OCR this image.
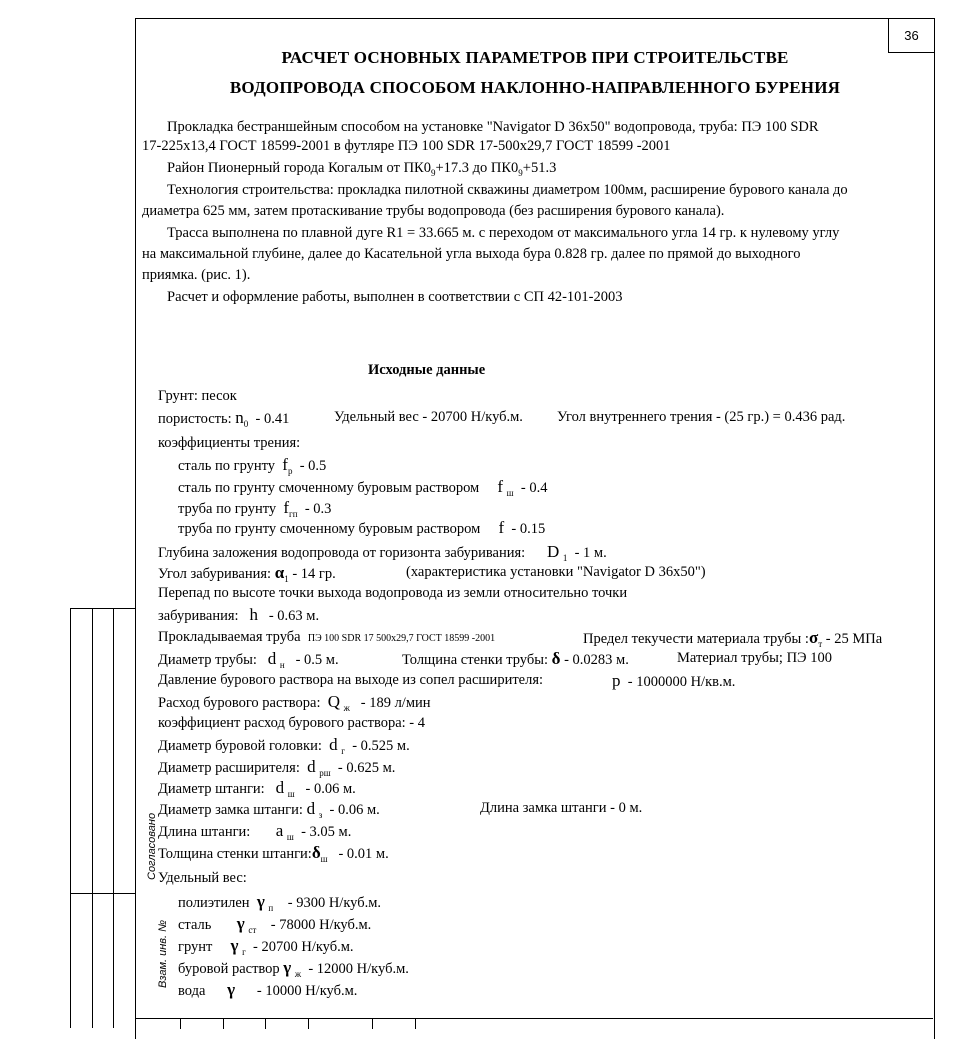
36
Согласовано
Взам. инв. №
РАСЧЕТ ОСНОВНЫХ ПАРАМЕТРОВ ПРИ СТРОИТЕЛЬСТВЕ
ВОДОПРОВОДА СПОСОБОМ НАКЛОННО-НАПРАВЛЕННОГО БУРЕНИЯ
Прокладка бестраншейным способом на установке "Navigator D 36х50" водопровода, труба: ПЭ 100 SDR
17-225х13,4 ГОСТ 18599-2001 в футляре ПЭ 100 SDR 17-500х29,7 ГОСТ 18599 -2001
Район Пионерный города Когалым от $ПК0_9+17.3$ до $ПК0_9+51.3$
Технология строительства: прокладка пилотной скважины диаметром 100мм, расширение бурового канала до
диаметра 625 мм, затем протаскивание трубы водопровода (без расширения бурового канала).
Трасса выполнена по плавной дуге R1 = 33.665 м. с переходом от максимального угла 14 гр. к нулевому углу
на максимальной глубине, далее до Касательной угла выхода бура 0.828 гр. далее по прямой до выходного
приямка. (рис. 1).
Расчет и оформление работы, выполнен в соответствии с СП 42-101-2003
Исходные данные
Грунт: песок
пористость: $n_0 - 0.41$	Удельный вес - 20700 Н/куб.м. Угол внутреннего трения - (25 гр.) = 0.436 рад.
коэффициенты трения:
сталь по грунту $f_р - 0.5$
сталь по грунту смоченному буровым раствором f $_ш$ - 0.4
труба по грунту $f_{гп} - 0.3$
труба по грунту смоченному буровым раствором f - 0.15
Глубина заложения водопровода от горизонта забуривания: D $_1$ - 1 м.
Угол забуривания: $\alpha_1 - 14$ гр.	(характеристика установки "Navigator D 36х50")
Перепад по высоте точки выхода водопровода из земли относительно точки
забуривания: h - 0.63 м.
Прокладываемая труба ПЭ 100 SDR 17 500х29,7 ГОСТ 18599 -2001	Предел текучести материала трубы $:\sigma_т - 25$ МПа
Диаметр трубы: d $_н$ - 0.5 м.	Толщина стенки трубы: δ - 0.0283 м.	Материал трубы; ПЭ 100
Давление бурового раствора на выходе из сопел расширителя:	p - 1000000 Н/кв.м.
Расход бурового раствора: Q $_ж$ - 189 л/мин
коэффициент расход бурового раствора: - 4
Диаметр буровой головки: d $_г$ - 0.525 м.
Диаметр расширителя: d $_{рш}$ - 0.625 м.
Диаметр штанги: d $_ш$ - 0.06 м.
Диаметр замка штанги: d $_з$ - 0.06 м.	Длина замка штанги - 0 м.
Длина штанги: a $_ш$ - 3.05 м.
Толщина стенки $штанги:\delta_ш - 0.01$ м.
Удельный вес:
полиэтилен γ $_п$ - 9300 Н/куб.м.
сталь γ $_{ст}$ - 78000 Н/куб.м.
грунт γ $_г$ - 20700 Н/куб.м.
буровой раствор γ $_ж$ - 12000 Н/куб.м.
вода γ - 10000 Н/куб.м.
